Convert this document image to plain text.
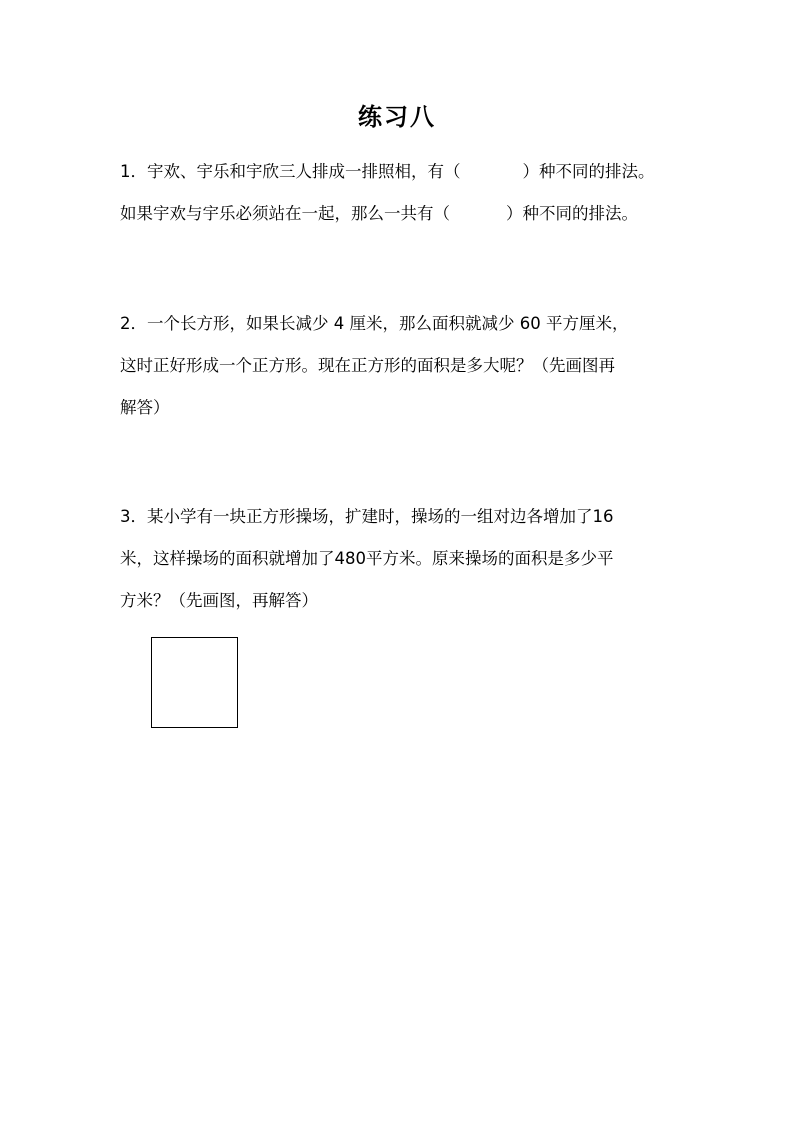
练习八
1．宇欢、宇乐和宇欣三人排成一排照相，有（	）种不同的排法。
如果宇欢与宇乐必须站在一起，那么一共有（	）种不同的排法。
2．一个长方形，如果长减少 4 厘米，那么面积就减少 60 平方厘米，
这时正好形成一个正方形。现在正方形的面积是多大呢？（先画图再
解答）
3．某小学有一块正方形操场，扩建时，操场的一组对边各增加了16
米，这样操场的面积就增加了480平方米。原来操场的面积是多少平
方米？（先画图，再解答）
